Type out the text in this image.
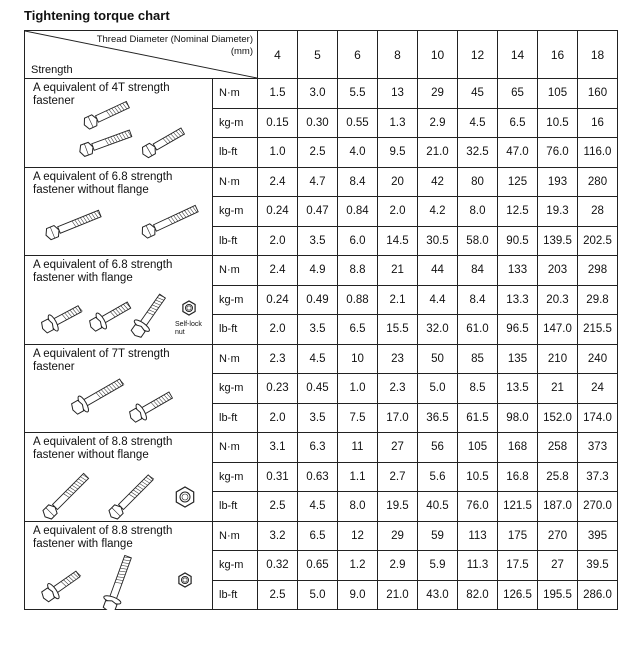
Tightening torque chart
Thread Diameter (Nominal Diameter)
(mm)
Strength		4	5	6	8	10	12	14	16	18

A equivalent of 4T strength fastener	N·m	1.5	3.0	5.5	13	29	45	65	105	160
	kg-m	0.15	0.30	0.55	1.3	2.9	4.5	6.5	10.5	16
	lb-ft	1.0	2.5	4.0	9.5	21.0	32.5	47.0	76.0	116.0

A equivalent of 6.8 strength fastener without flange	N·m	2.4	4.7	8.4	20	42	80	125	193	280
	kg-m	0.24	0.47	0.84	2.0	4.2	8.0	12.5	19.3	28
	lb-ft	2.0	3.5	6.0	14.5	30.5	58.0	90.5	139.5	202.5

A equivalent of 6.8 strength fastener with flange
Self-lock nut	N·m	2.4	4.9	8.8	21	44	84	133	203	298
	kg-m	0.24	0.49	0.88	2.1	4.4	8.4	13.3	20.3	29.8
	lb-ft	2.0	3.5	6.5	15.5	32.0	61.0	96.5	147.0	215.5

A equivalent of 7T strength fastener	N·m	2.3	4.5	10	23	50	85	135	210	240
	kg-m	0.23	0.45	1.0	2.3	5.0	8.5	13.5	21	24
	lb-ft	2.0	3.5	7.5	17.0	36.5	61.5	98.0	152.0	174.0

A equivalent of 8.8 strength fastener without flange	N·m	3.1	6.3	11	27	56	105	168	258	373
	kg-m	0.31	0.63	1.1	2.7	5.6	10.5	16.8	25.8	37.3
	lb-ft	2.5	4.5	8.0	19.5	40.5	76.0	121.5	187.0	270.0

A equivalent of 8.8 strength fastener with flange	N·m	3.2	6.5	12	29	59	113	175	270	395
	kg-m	0.32	0.65	1.2	2.9	5.9	11.3	17.5	27	39.5
	lb-ft	2.5	5.0	9.0	21.0	43.0	82.0	126.5	195.5	286.0
